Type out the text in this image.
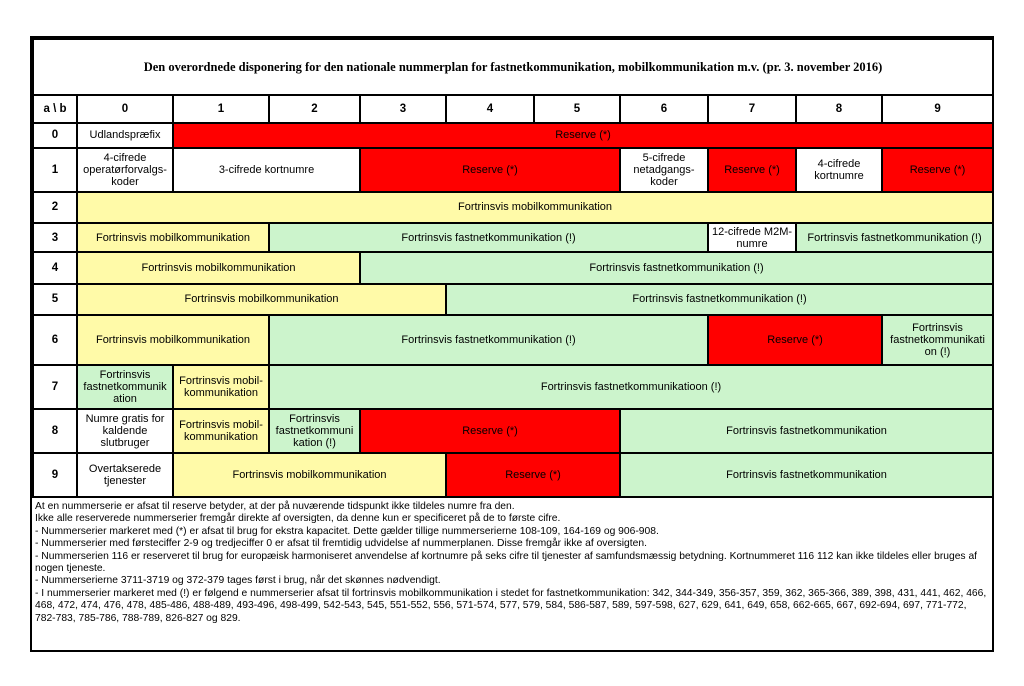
Den overordnede disponering for den nationale nummerplan for fastnetkommunikation, mobilkommunikation m.v. (pr. 3. november 2016)										
a \ b	0	1	2	3	4	5	6	7	8	9
0	Udlandspræfix	Reserve (*)								
1	4-cifrede operatørforvalgs-koder	3-cifrede kortnumre		Reserve (*)			5-cifrede netadgangs-koder	Reserve (*)	4-cifrede kortnumre	Reserve (*)
2	Fortrinsvis mobilkommunikation									
3	Fortrinsvis mobilkommunikation		Fortrinsvis fastnetkommunikation (!)					12-cifrede M2M-numre	Fortrinsvis fastnetkommunikation (!)	
4	Fortrinsvis mobilkommunikation			Fortrinsvis fastnetkommunikation (!)						
5	Fortrinsvis mobilkommunikation				Fortrinsvis fastnetkommunikation (!)					
6	Fortrinsvis mobilkommunikation		Fortrinsvis fastnetkommunikation (!)					Reserve (*)		Fortrinsvis fastnetkommunikati on (!)
7	Fortrinsvis fastnetkommunik ation	Fortrinsvis mobil-kommunikation	Fortrinsvis fastnetkommunikatioon (!)							
8	Numre gratis for kaldende slutbruger	Fortrinsvis mobil-kommunikation	Fortrinsvis fastnetkommuni kation (!)	Reserve (*)			Fortrinsvis fastnetkommunikation			
9	Overtakserede tjenester	Fortrinsvis mobilkommunikation			Reserve (*)		Fortrinsvis fastnetkommunikation			
At en nummerserie er afsat til reserve betyder, at der på nuværende tidspunkt ikke tildeles numre fra den.
Ikke alle reserverede nummerserier fremgår direkte af oversigten, da denne kun er specificeret på de to første cifre.
- Nummerserier markeret med (*) er afsat til brug for ekstra kapacitet. Dette gælder tillige nummerserierne 108-109, 164-169 og 906-908.
- Nummerserier med førsteciffer 2-9 og tredjeciffer 0 er afsat til fremtidig udvidelse af nummerplanen. Disse fremgår ikke af oversigten.
- Nummerserien 116 er reserveret til brug for europæisk harmoniseret anvendelse af kortnumre på seks cifre til tjenester af samfundsmæssig betydning. Kortnummeret 116 112 kan ikke tildeles eller bruges af nogen tjeneste.
- Nummerserierne 3711-3719 og 372-379 tages først i brug, når det skønnes nødvendigt.
- I nummerserier markeret med (!) er følgend e nummerserier afsat til fortrinsvis mobilkommunikation i stedet for fastnetkommunikation: 342, 344-349, 356-357, 359, 362, 365-366, 389, 398, 431, 441, 462, 466, 468, 472, 474, 476, 478, 485-486, 488-489, 493-496, 498-499, 542-543, 545, 551-552, 556, 571-574, 577, 579, 584, 586-587, 589, 597-598, 627, 629, 641, 649, 658, 662-665, 667, 692-694, 697, 771-772, 782-783, 785-786, 788-789, 826-827 og 829.
